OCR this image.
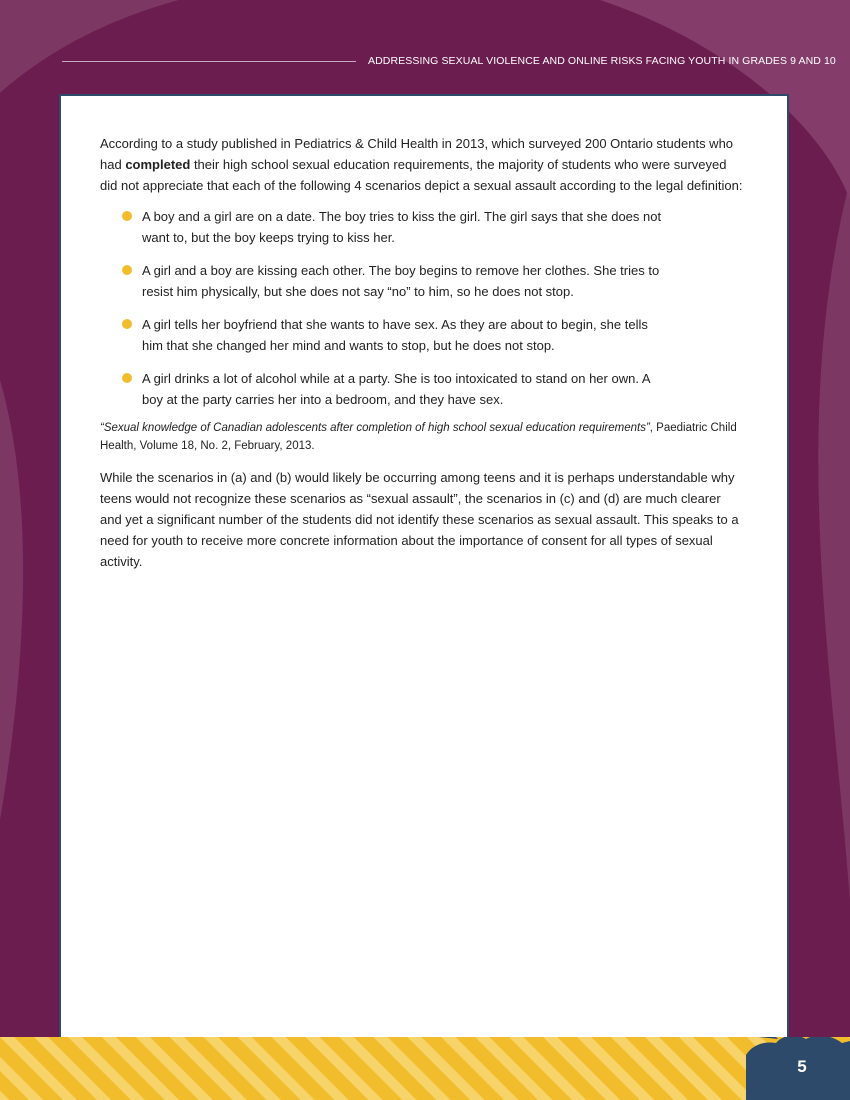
ADDRESSING SEXUAL VIOLENCE AND ONLINE RISKS FACING YOUTH IN GRADES 9 AND 10

According to a study published in Pediatrics & Child Health in 2013, which surveyed 200 Ontario students who had completed their high school sexual education requirements, the majority of students who were surveyed did not appreciate that each of the following 4 scenarios depict a sexual assault according to the legal definition:

A boy and a girl are on a date. The boy tries to kiss the girl. The girl says that she does not want to, but the boy keeps trying to kiss her.
A girl and a boy are kissing each other. The boy begins to remove her clothes. She tries to resist him physically, but she does not say “no” to him, so he does not stop.
A girl tells her boyfriend that she wants to have sex. As they are about to begin, she tells him that she changed her mind and wants to stop, but he does not stop.
A girl drinks a lot of alcohol while at a party. She is too intoxicated to stand on her own. A boy at the party carries her into a bedroom, and they have sex.

“Sexual knowledge of Canadian adolescents after completion of high school sexual education requirements”, Paediatric Child Health, Volume 18, No. 2, February, 2013.

While the scenarios in (a) and (b) would likely be occurring among teens and it is perhaps understandable why teens would not recognize these scenarios as “sexual assault”, the scenarios in (c) and (d) are much clearer and yet a significant number of the students did not identify these scenarios as sexual assault. This speaks to a need for youth to receive more concrete information about the importance of consent for all types of sexual activity.

5
